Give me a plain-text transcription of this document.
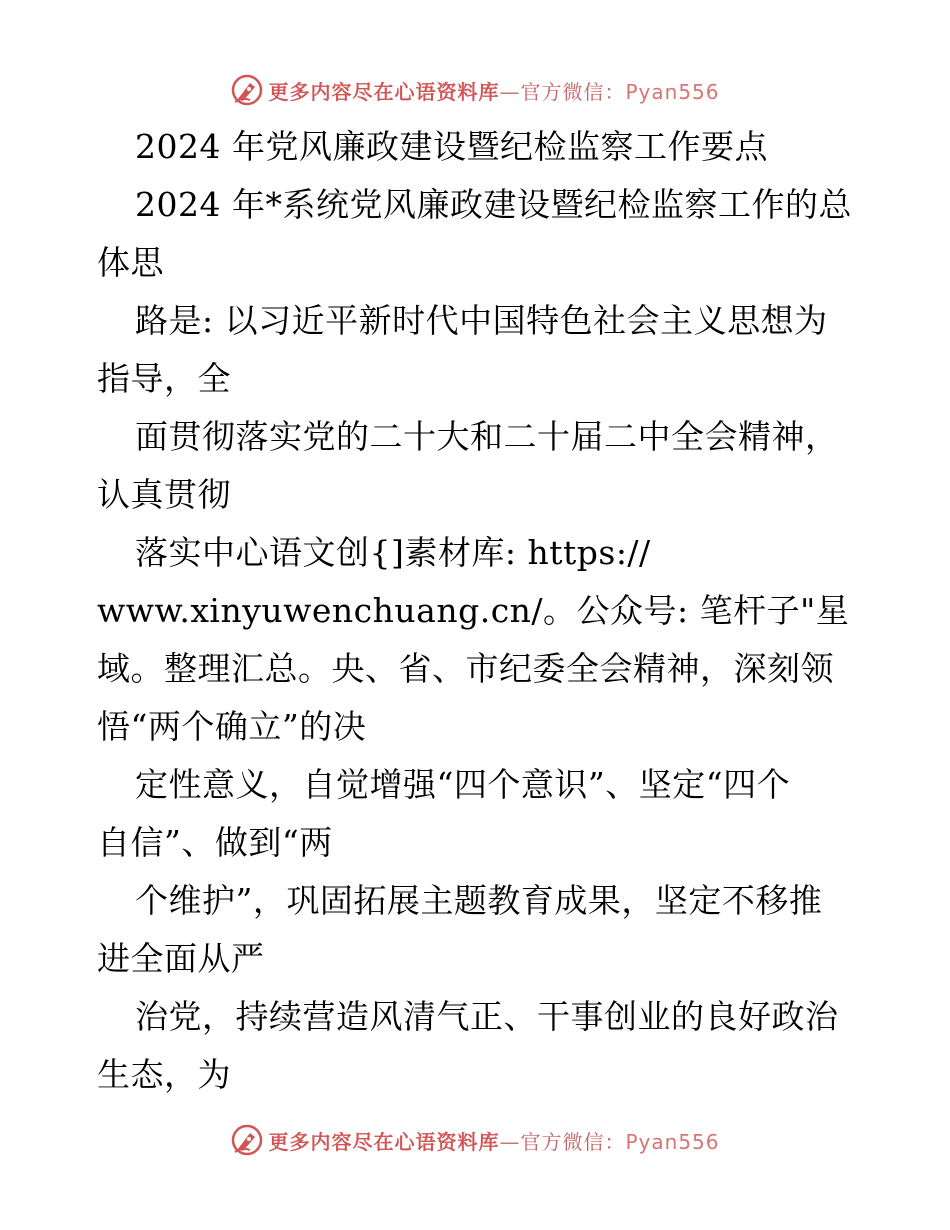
更多内容尽在心语资料库—官方微信：Pyan556
2024 年党风廉政建设暨纪检监察工作要点
2024 年*系统党风廉政建设暨纪检监察工作的总
体思
路是: 以习近平新时代中国特色社会主义思想为
指导，全
面贯彻落实党的二十大和二十届二中全会精神，
认真贯彻
落实中心语文创{]素材库: https://
www.xinyuwenchuang.cn/。公众号: 笔杆子"星
域。整理汇总。央、省、市纪委全会精神，深刻领
悟“两个确立”的决
定性意义，自觉增强“四个意识”、坚定“四个
自信”、做到“两
个维护”，巩固拓展主题教育成果，坚定不移推
进全面从严
治党，持续营造风清气正、干事创业的良好政治
生态，为
更多内容尽在心语资料库—官方微信：Pyan556
